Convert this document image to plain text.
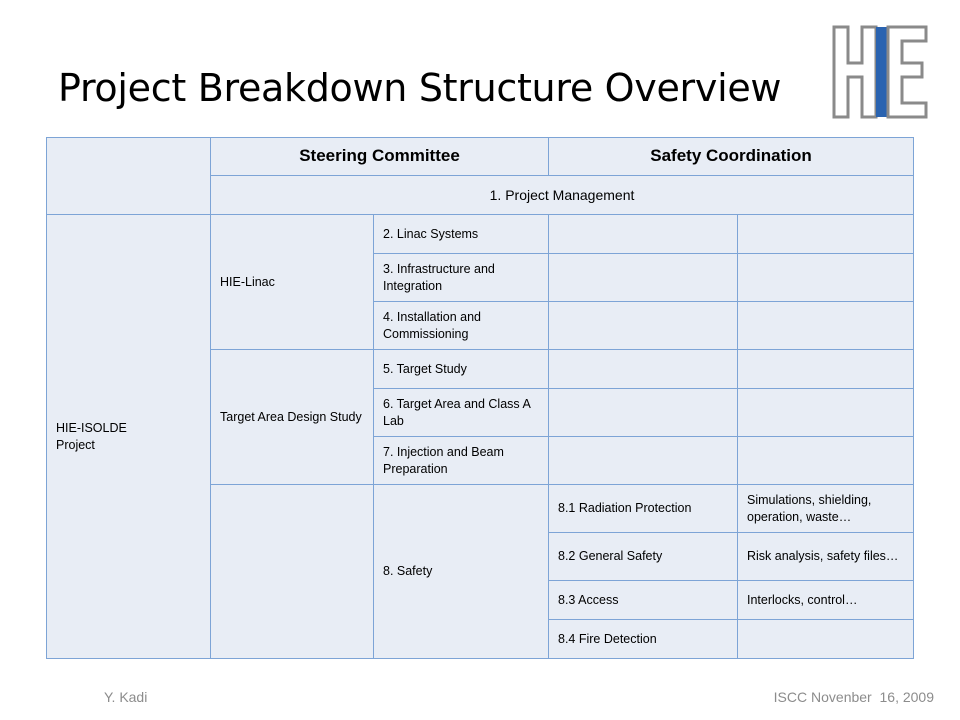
Project Breakdown Structure Overview
	Steering Committee		Safety Coordination	
	1. Project Management			
HIE-ISOLDE
Project	HIE-Linac	2. Linac Systems		
		3. Infrastructure and Integration		
		4. Installation and Commissioning		
	Target Area Design Study	5. Target Study		
		6. Target Area and Class A Lab		
		7. Injection and Beam Preparation		
		8. Safety	8.1 Radiation Protection	Simulations, shielding, operation, waste…
			8.2 General Safety	Risk analysis, safety files…
			8.3 Access	Interlocks, control…
			8.4 Fire Detection	
Y. Kadi	ISCC Novenber  16, 2009
